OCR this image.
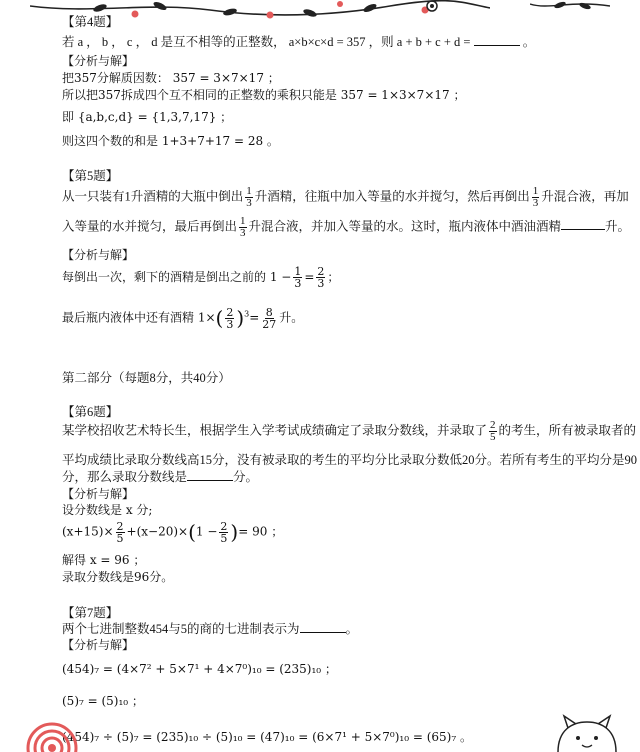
【第4题】
若 a ， b ， c ， d 是互不相等的正整数， a×b×c×d = 357 ，则 a + b + c + d =	。
【分析与解】
把357分解质因数： 357 = 3×7×17 ；
所以把357拆成四个互不相同的正整数的乘积只能是 357 = 1×3×7×17 ；
即 {a,b,c,d} = {1,3,7,17} ；
则这四个数的和是 1+3+7+17 = 28 。
【第5题】
从一只装有1升酒精的大瓶中倒出 $\frac{1}{3}$ 升酒精，往瓶中加入等量的水并搅匀，然后再倒出 $\frac{1}{3}$ 升混合液，再加
入等量的水并搅匀，最后再倒出 $\frac{1}{3}$ 升混合液，并加入等量的水。这时，瓶内液体中酒油酒精	升。
【分析与解】
每倒出一次，剩下的酒精是倒出之前的 $1 - \frac{1}{3} = \frac{2}{3}$ ；
最后瓶内液体中还有酒精 $1\times( \frac{2}{3} )^3= \frac{8}{27}$ 升。
第二部分（每题8分，共40分）
【第6题】
某学校招收艺术特长生，根据学生入学考试成绩确定了录取分数线，并录取了 $\frac{2}{5}$ 的考生，所有被录取者的
平均成绩比录取分数线高15分，没有被录取的考生的平均分比录取分数低20分。若所有考生的平均分是90
分，那么录取分数线是	分。
【分析与解】
设分数线是 x 分;
$(x+15)\times \frac{2}{5} +(x-20)\times(1 - \frac{2}{5}$ )= 90 ；
解得 x = 96 ；
录取分数线是96分。
【第7题】
两个七进制整数454与5的商的七进制表示为	。
【分析与解】
(454)₇ = (4×7² + 5×7¹ + 4×7⁰)₁₀ = (235)₁₀ ；
(5)₇ = (5)₁₀ ；
(454)₇ ÷ (5)₇ = (235)₁₀ ÷ (5)₁₀ = (47)₁₀ = (6×7¹ + 5×7⁰)₁₀ = (65)₇ 。
